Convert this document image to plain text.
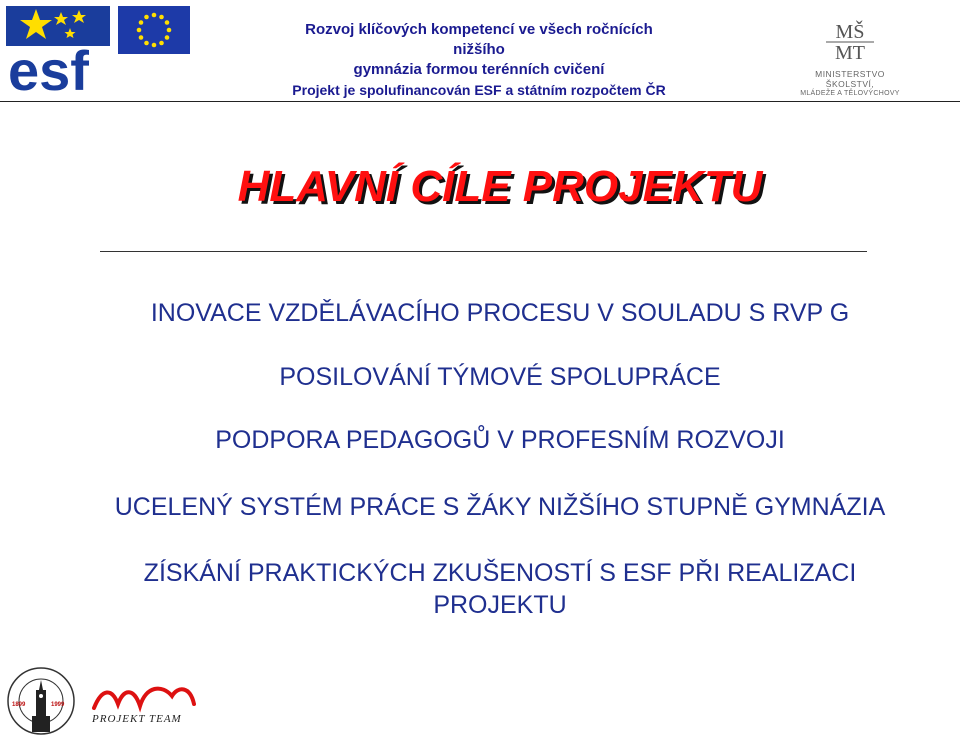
esf
Rozvoj klíčových kompetencí ve všech ročnících
nižšího
gymnázia formou terénních cvičení
Projekt je spolufinancován ESF a státním rozpočtem ČR
MŠ
MT
MINISTERSTVO ŠKOLSTVÍ,
MLÁDEŽE A TĚLOVÝCHOVY
HLAVNÍ CÍLE PROJEKTU
INOVACE VZDĚLÁVACÍHO PROCESU V SOULADU S RVP G
POSILOVÁNÍ TÝMOVÉ SPOLUPRÁCE
PODPORA PEDAGOGŮ V PROFESNÍM ROZVOJI
UCELENÝ SYSTÉM PRÁCE S ŽÁKY NIŽŠÍHO STUPNĚ GYMNÁZIA
ZÍSKÁNÍ PRAKTICKÝCH ZKUŠENOSTÍ S ESF PŘI REALIZACI
PROJEKTU
1899	1999
PROJEKT TEAM
